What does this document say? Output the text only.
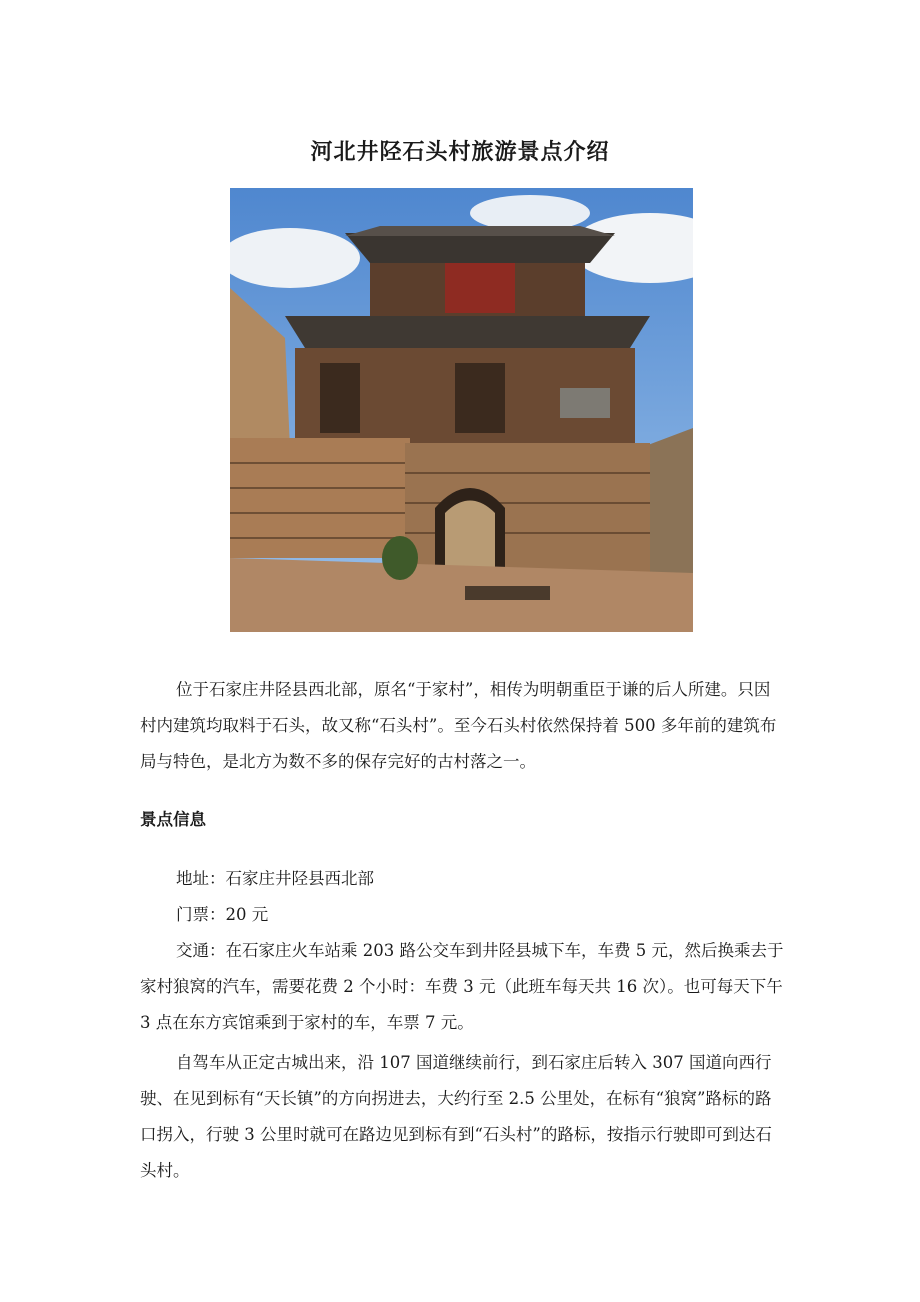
河北井陉石头村旅游景点介绍

位于石家庄井陉县西北部，原名“于家村”，相传为明朝重臣于谦的后人所建。只因村内建筑均取料于石头，故又称“石头村”。至今石头村依然保持着 500 多年前的建筑布局与特色，是北方为数不多的保存完好的古村落之一。

景点信息

地址：石家庄井陉县西北部

门票：20 元

交通：在石家庄火车站乘 203 路公交车到井陉县城下车，车费 5 元，然后换乘去于家村狼窝的汽车，需要花费 2 个小时：车费 3 元（此班车每天共 16 次）。也可每天下午 3 点在东方宾馆乘到于家村的车，车票 7 元。

自驾车从正定古城出来，沿 107 国道继续前行，到石家庄后转入 307 国道向西行驶、在见到标有“天长镇”的方向拐进去，大约行至 2.5 公里处，在标有“狼窝”路标的路口拐入，行驶 3 公里时就可在路边见到标有到“石头村”的路标，按指示行驶即可到达石头村。
